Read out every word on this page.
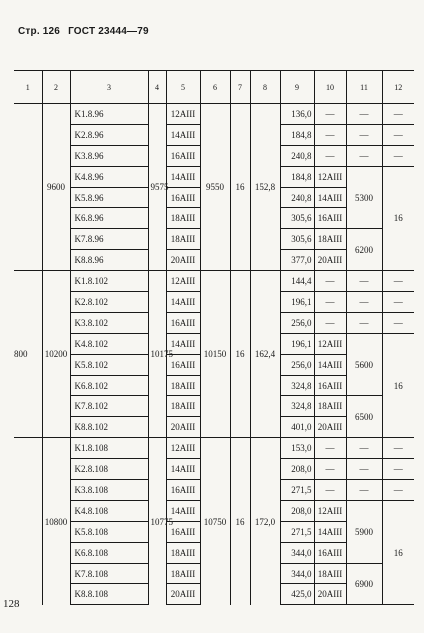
Стр. 126 ГОСТ 23444—79
1	2	3	4	5	6	7	8	9	10	11	12
	9600	K1.8.96	9575	12AIII	9550	16	152,8	136,0	—	—	—
		K2.8.96		14AIII				184,8	—	—	—
		K3.8.96		16AIII				240,8	—	—	—
		K4.8.96		14AIII				184,8	12AIII	5300	16
		K5.8.96		16AIII				240,8	14AIII		
		K6.8.96		18AIII				305,6	16AIII		
		K7.8.96		18AIII				305,6	18AIII	6200	
		K8.8.96		20AIII				377,0	20AIII		
800	10200	K1.8.102	10175	12AIII	10150	16	162,4	144,4	—	—	—
		K2.8.102		14AIII				196,1	—	—	—
		K3.8.102		16AIII				256,0	—	—	—
		K4.8.102		14AIII				196,1	12AIII	5600	16
		K5.8.102		16AIII				256,0	14AIII		
		K6.8.102		18AIII				324,8	16AIII		
		K7.8.102		18AIII				324,8	18AIII	6500	
		K8.8.102		20AIII				401,0	20AIII		
	10800	K1.8.108	10775	12AIII	10750	16	172,0	153,0	—	—	—
		K2.8.108		14AIII				208,0	—	—	—
		K3.8.108		16AIII				271,5	—	—	—
		K4.8.108		14AIII				208,0	12AIII	5900	16
		K5.8.108		16AIII				271,5	14AIII		
		K6.8.108		18AIII				344,0	16AIII		
		K7.8.108		18AIII				344,0	18AIII	6900	
		K8.8.108		20AIII				425,0	20AIII		
128
